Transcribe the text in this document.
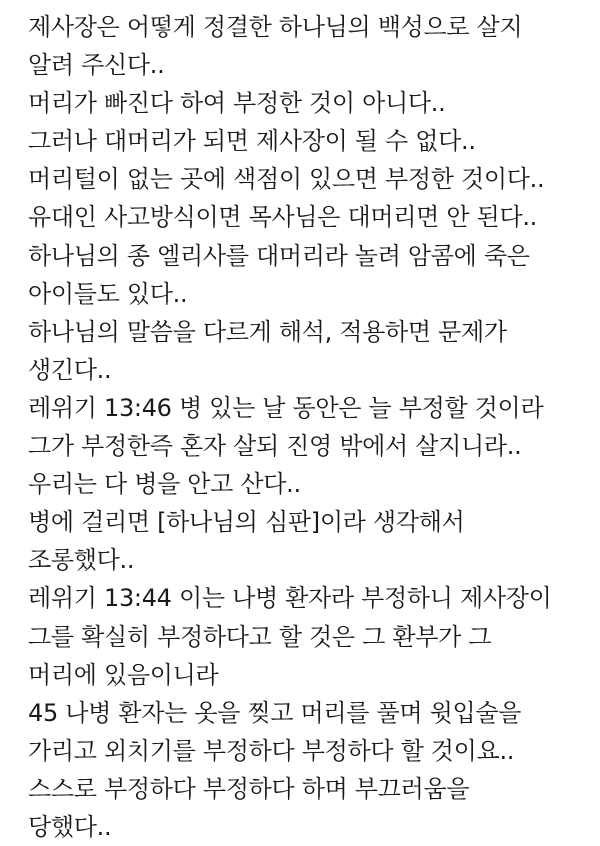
제사장은 어떻게 정결한 하나님의 백성으로 살지
알려 주신다..
머리가 빠진다 하여 부정한 것이 아니다..
그러나 대머리가 되면 제사장이 될 수 없다..
머리털이 없는 곳에 색점이 있으면 부정한 것이다..
유대인 사고방식이면 목사님은 대머리면 안 된다..
하나님의 종 엘리사를 대머리라 놀려 암콤에 죽은
아이들도 있다..
하나님의 말씀을 다르게 해석, 적용하면 문제가
생긴다..
레위기 13:46 병 있는 날 동안은 늘 부정할 것이라
그가 부정한즉 혼자 살되 진영 밖에서 살지니라..
우리는 다 병을 안고 산다..
병에 걸리면 [하나님의 심판]이라 생각해서
조롱했다..
레위기 13:44 이는 나병 환자라 부정하니 제사장이
그를 확실히 부정하다고 할 것은 그 환부가 그
머리에 있음이니라
45 나병 환자는 옷을 찢고 머리를 풀며 윗입술을
가리고 외치기를 부정하다 부정하다 할 것이요..
스스로 부정하다 부정하다 하며 부끄러움을
당했다..
